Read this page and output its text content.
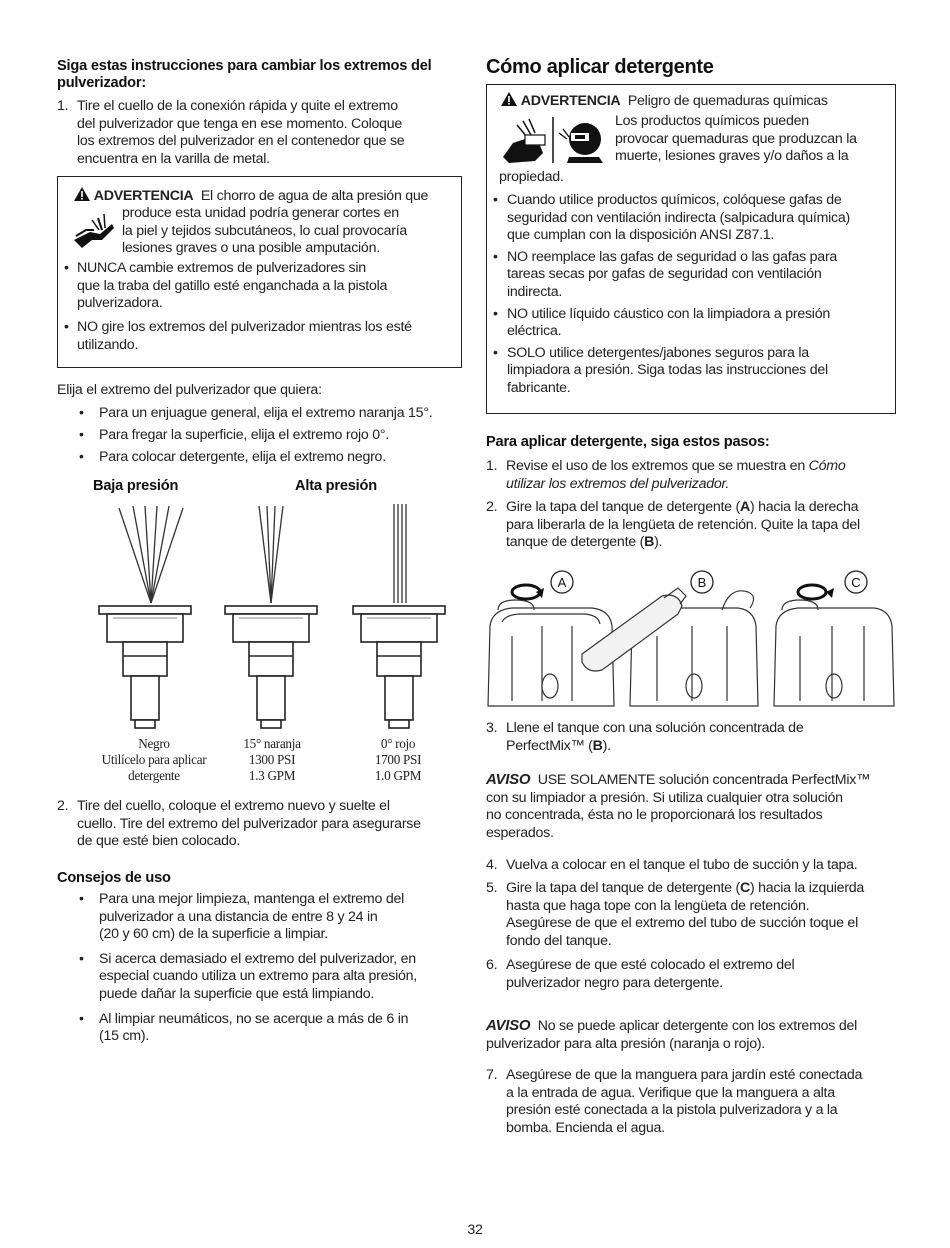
Siga estas instrucciones para cambiar los extremos del pulverizador:
1. Tire el cuello de la conexión rápida y quite el extremo
del pulverizador que tenga en ese momento. Coloque
los extremos del pulverizador en el contenedor que se
encuentra en la varilla de metal.
ADVERTENCIA El chorro de agua de alta presión que
produce esta unidad podría generar cortes en
la piel y tejidos subcutáneos, lo cual provocaría
lesiones graves o una posible amputación.
• NUNCA cambie extremos de pulverizadores sin
que la traba del gatillo esté enganchada a la pistola
pulverizadora.
• NO gire los extremos del pulverizador mientras los esté
utilizando.
Elija el extremo del pulverizador que quiera:
• Para un enjuague general, elija el extremo naranja 15°.
• Para fregar la superficie, elija el extremo rojo 0°.
• Para colocar detergente, elija el extremo negro.
Baja presión	Alta presión
Negro
Utilícelo para aplicar
detergente
15° naranja
1300 PSI
1.3 GPM
0° rojo
1700 PSI
1.0 GPM
2. Tire del cuello, coloque el extremo nuevo y suelte el
cuello. Tire del extremo del pulverizador para asegurarse
de que esté bien colocado.
Consejos de uso
• Para una mejor limpieza, mantenga el extremo del
pulverizador a una distancia de entre 8 y 24 in
(20 y 60 cm) de la superficie a limpiar.
• Si acerca demasiado el extremo del pulverizador, en
especial cuando utiliza un extremo para alta presión,
puede dañar la superficie que está limpiando.
• Al limpiar neumáticos, no se acerque a más de 6 in
(15 cm).
Cómo aplicar detergente
ADVERTENCIA Peligro de quemaduras químicas
Los productos químicos pueden
provocar quemaduras que produzcan la
muerte, lesiones graves y/o daños a la
propiedad.
• Cuando utilice productos químicos, colóquese gafas de
seguridad con ventilación indirecta (salpicadura química)
que cumplan con la disposición ANSI Z87.1.
• NO reemplace las gafas de seguridad o las gafas para
tareas secas por gafas de seguridad con ventilación
indirecta.
• NO utilice líquido cáustico con la limpiadora a presión
eléctrica.
• SOLO utilice detergentes/jabones seguros para la
limpiadora a presión. Siga todas las instrucciones del
fabricante.
Para aplicar detergente, siga estos pasos:
1. Revise el uso de los extremos que se muestra en Cómo
utilizar los extremos del pulverizador.
2. Gire la tapa del tanque de detergente (A) hacia la derecha
para liberarla de la lengüeta de retención. Quite la tapa del
tanque de detergente (B).
A	B	C
3. Llene el tanque con una solución concentrada de
PerfectMix™ (B).
AVISO USE SOLAMENTE solución concentrada PerfectMix™
con su limpiador a presión. Si utiliza cualquier otra solución
no concentrada, ésta no le proporcionará los resultados
esperados.
4. Vuelva a colocar en el tanque el tubo de succión y la tapa.
5. Gire la tapa del tanque de detergente (C) hacia la izquierda
hasta que haga tope con la lengüeta de retención.
Asegúrese de que el extremo del tubo de succión toque el
fondo del tanque.
6. Asegúrese de que esté colocado el extremo del
pulverizador negro para detergente.
AVISO No se puede aplicar detergente con los extremos del
pulverizador para alta presión (naranja o rojo).
7. Asegúrese de que la manguera para jardín esté conectada
a la entrada de agua. Verifique que la manguera a alta
presión esté conectada a la pistola pulverizadora y a la
bomba. Encienda el agua.
32
